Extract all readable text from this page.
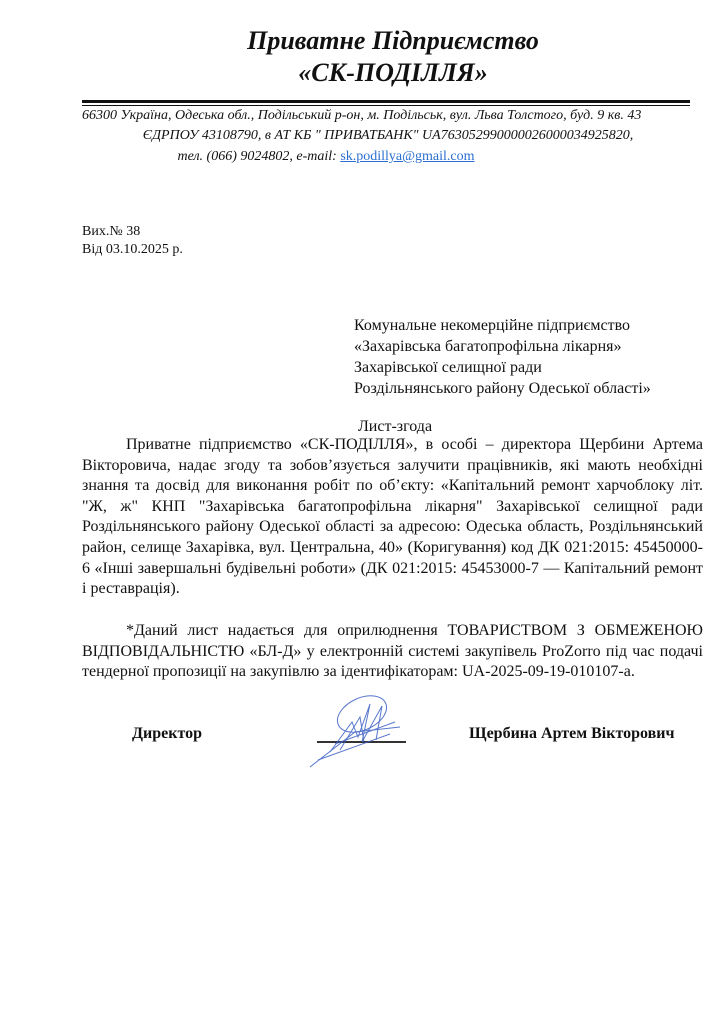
Приватне Підприємство
«СК-ПОДІЛЛЯ»
66300 Україна, Одеська обл., Подільський р-он, м. Подільськ, вул. Льва Толстого, буд. 9 кв. 43
ЄДРПОУ 43108790, в АТ КБ " ПРИВАТБАНК" UA763052990000026000034925820,
тел. (066) 9024802, e-mail: sk.podillya@gmail.com
Вих.№ 38
Від 03.10.2025 р.
Комунальне некомерційне підприємство
«Захарівська багатопрофільна лікарня»
Захарівської селищної ради
Роздільнянського району Одеської області»
Лист-згода
Приватне підприємство «СК-ПОДІЛЛЯ», в особі – директора Щербини Артема Вікторовича, надає згоду та зобов’язується залучити працівників, які мають необхідні знання та досвід для виконання робіт по об’єкту: «Капітальний ремонт харчоблоку літ. "Ж, ж" КНП "Захарівська багатопрофільна лікарня" Захарівської селищної ради Роздільнянського району Одеської області за адресою: Одеська область, Роздільнянський район, селище Захарівка, вул. Центральна, 40» (Коригування) код ДК 021:2015: 45450000-6 «Інші завершальні будівельні роботи» (ДК 021:2015: 45453000-7 — Капітальний ремонт і реставрація).
*Даний лист надається для оприлюднення ТОВАРИСТВОМ З ОБМЕЖЕНОЮ ВІДПОВІДАЛЬНІСТЮ «БЛ-Д» у електронній системі закупівель ProZorro під час подачі тендерної пропозиції на закупівлю за ідентифікаторам: UA-2025-09-19-010107-a.
Директор	Щербина Артем Вікторович
